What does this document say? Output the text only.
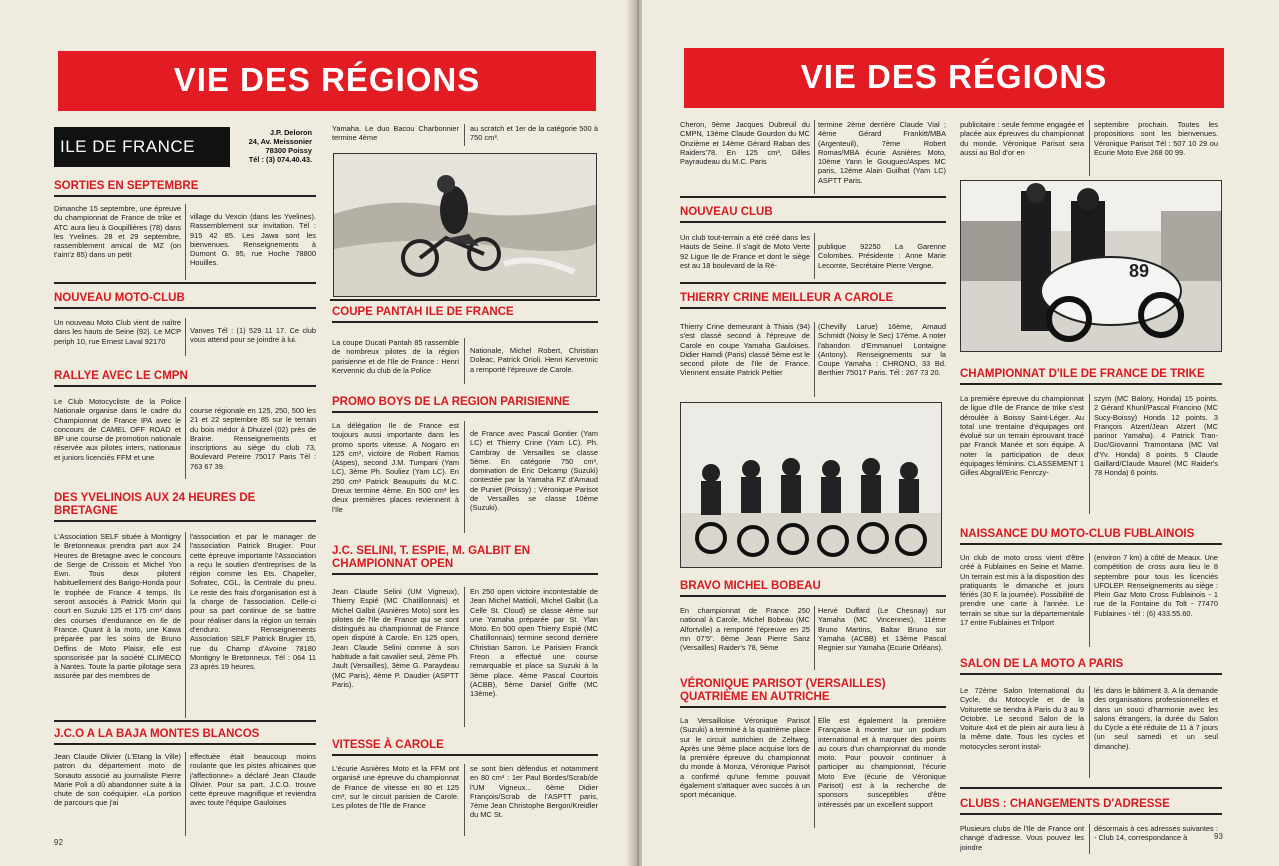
VIE DES RÉGIONS
ILE DE FRANCE
J.P. Deloron
24, Av. Meissonier
78300 Poissy
Tél : (3) 074.40.43.
SORTIES EN SEPTEMBRE
Dimanche 15 septembre, une épreuve du championnat de France de trike et ATC aura lieu à Goupillières (78) dans les Yvelines. 28 et 29 septembre, rassemblement amical de MZ (on t'aim'z 85) dans un petit
village du Vexcin (dans les Yvelines). Rassemblement sur invitation. Tél : 915 42 85. Les Jawa sont les bienvenues. Renseignements à Dumont G. 95, rue Hoche 78800 Houilles.
NOUVEAU MOTO-CLUB
Un nouveau Moto Club vient de naître dans les hauts de Seine (92). Le MCP periph 10, rue Ernest Laval 92170
Vanves Tél : (1) 529 11 17. Ce club vous attend pour se joindre à lui.
RALLYE AVEC LE CMPN
Le Club Motocycliste de la Police Nationale organise dans le cadre du Championnat de France IPA avec le concours de CAMEL OFF ROAD et BP une course de promotion nationale réservée aux pilotes inters, nationaux et juniors licenciés FFM et une
course régionale en 125, 250, 500 les 21 et 22 septembre 85 sur le terrain du bois médor à Dhuizel (02) près de Braine. Renseignements et inscriptions au siège du club 73, Boulevard Pereire 75017 Paris Tél : 763 67 39.
DES YVELINOIS AUX 24 HEURES DE BRETAGNE
L'Association SELF située à Montigny le Bretonneaux prendra part aux 24 Heures de Bretagne avec le concours de Serge de Crissois et Michel Yon Ewn. Tous deux pilotent habituellement des Barigo-Honda pour le trophée de France 4 temps. Ils seront associés à Patrick Morin qui court en Suzuki 125 et 175 cm³ dans des courses d'endurance en Ile de France. Quant à la moto, une Kawa préparée par les soins de Bruno Deffins de Moto Plaisir, elle est sponsorisée par la société CLIMECO à Nantes. Toute la partie pilotage sera assurée par des membres de
l'association et par le manager de l'association Patrick Brugier. Pour cette épreuve importante l'Association a reçu le soutien d'entreprises de la région comme les Ets. Chapelier, Sofratec, CGL, la Centrale du pneu. Le reste des frais d'organisation est à la charge de l'association. Celle-ci pour sa part continue de se battre pour réaliser dans la région un terrain d'enduro. Renseignements Association SELF Patrick Brugier 15, rue du Champ d'Avoine 78180 Montigny le Bretonneux. Tél : 064 11 23 après 19 heures.
J.C.O A LA BAJA MONTES BLANCOS
Jean Claude Olivier (L'Etang la Ville) patron du département moto de Sonauto associé au journaliste Pierre Marie Poli a dû abandonner suite à la chute de son coéquipier. «La portion de parcours que j'ai
effectuée était beaucoup moins roulante que les pistes africaines que j'affectionne» a déclaré Jean Claude Olivier. Pour sa part, J.C.O. trouve cette épreuve magnifique et reviendra avec toute l'équipe Gauloises
Yamaha. Le duo Bacou Charbonnier termine 4ème
au scratch et 1er de la catégorie 500 à 750 cm³.
COUPE PANTAH ILE DE FRANCE
La coupe Ducati Pantah 85 rassemble de nombreux pilotes de la région parisienne et de l'Ile de France : Henri Kervennic du club de la Police
Nationale, Michel Robert, Christian Doleac, Patrick Orioli. Henri Kervennic a remporté l'épreuve de Carole.
PROMO BOYS DE LA REGION PARISIENNE
La délégation Ile de France est toujours aussi importante dans les promo sports vitesse. A Nogaro en 125 cm³, victoire de Robert Ramos (Aspes), second J.M. Tumpani (Yam LC), 3ème Ph. Souliez (Yam LC). En 250 cm³ Patrick Beaupuits du M.C. Dreux termine 4ème. En 500 cm³ les deux premières places reviennent à l'Ile
de France avec Pascal Gontier (Yam LC) et Thierry Crine (Yam LC). Ph. Cambray de Versailles se classe 5ème. En catégorie 750 cm³, domination de Eric Delcamp (Suzuki) contestée par la Yamaha FZ d'Arnaud de Puniet (Poissy) ; Véronique Parisot de Versailles se classe 10ème (Suzuki).
J.C. SELINI, T. ESPIE, M. GALBIT EN CHAMPIONNAT OPEN
Jean Claude Selini (UM Vigneux), Thierry Espié (MC Chatillonnais) et Michel Galbit (Asnières Moto) sont les pilotes de l'Ile de France qui se sont distingués au championnat de France open disputé à Carole. En 125 open, Jean Claude Selini comme à son habitude a fait cavalier seul, 2ème Ph. Jault (Versailles), 3ème G. Paraydeau (MC Paris), 4ème P. Daudier (ASPTT Paris).
En 250 open victoire incontestable de Jean Michel Mattioli, Michel Galbit (La Celle St. Cloud) se classe 4ème sur une Yamaha préparée par St. Ylan Moto. En 500 open Thierry Espié (MC Chatillonnais) termine second derrière Christian Sarron. Le Parisien Franck Freon a effectué une course remarquable et place sa Suzuki à la 3ème place. 4ème Pascal Courtois (ACBB), 5ème Daniel Griffe (MC 13ème).
VITESSE À CAROLE
L'écurie Asnières Moto et la FFM ont organisé une épreuve du championnat de France de vitesse en 80 et 125 cm³, sur le circuit parisien de Carole. Les pilotes de l'Ile de France
se sont bien défendus et notamment en 80 cm³ : 1er Paul Bordes/Scrab/de l'UM Vigneux... 6ème Didier François/Scrab de l'ASPTT paris, 7ème Jean Christophe Bergon/Kreidler du MC St.
92
VIE DES RÉGIONS
Cheron, 9ème Jacques Dubreuil du CMPN, 13ème Claude Gourdon du MC Onzième et 14ème Gérard Raban des Raiders'78. En 125 cm³, Gilles Payraudeau du M.C. Paris
termine 2ème derrière Claude Vial ; 4ème Gérard Frankitt/MBA (Argenteuil), 7ème Robert Romas/MBA écurie Asnières Moto, 10ème Yann le Gouguec/Aspes MC paris, 12ème Alain Guilhat (Yam LC) ASPTT Paris.
NOUVEAU CLUB
Un club tout-terrain a été créé dans les Hauts de Seine. Il s'agit de Moto Verte 92 Ligue Ile de France et dont le siège est au 18 boulevard de la Ré-
publique 92250 La Garenne Colombes. Présidente : Anne Marie Lecomte, Secrétaire Pierre Vergne.
THIERRY CRINE MEILLEUR A CAROLE
Thierry Crine demeurant à Thiais (94) s'est classé second à l'épreuve de Carole en coupe Yamaha Gauloises. Didier Hamdi (Paris) classé 5ème est le second pilote de l'Ile de France. Viennent ensuite Patrick Peltier
(Chevilly Larue) 16ème, Arnaud Schmidt (Noisy le Sec) 17ème. A noter l'abandon d'Emmanuel Lontaigne (Antony). Renseignements sur la Coupe Yamaha : CHRONO, 33 Bd. Berthier 75017 Paris. Tél : 267 73 20.
BRAVO MICHEL BOBEAU
En championnat de France 250 national à Carole, Michel Bobeau (MC Alfortville) a remporté l'épreuve en 25 mn 07'5". 8ème Jean Pierre Sanz (Versailles) Raider's 78, 9ème
Hervé Duffard (Le Chesnay) sur Yamaha (MC Vincennes), 11ème Bruno Martins, Baltar Bruno sur Yamaha (ACBB) et 13ème Pascal Regnier sur Yamaha (Ecurie Orléans).
VÉRONIQUE PARISOT (VERSAILLES) QUATRIÈME EN AUTRICHE
La Versailloise Véronique Parisot (Suzuki) a terminé à la quatrième place sur le circuit autrichien de Zeltweg. Après une 9ème place acquise lors de la première épreuve du championnat du monde à Monza, Véronique Parisot a confirmé qu'une femme pouvait également s'attaquer avec succès à un sport mécanique.
Elle est également la première Française à monter sur un podium international et à marquer des points au cours d'un championnat du monde moto. Pour pouvoir continuer à participer au championnat, l'écurie Moto Eve (écurie de Véronique Parisot) est à la recherche de sponsors susceptibles d'être intéressés par un excellent support
publicitaire : seule femme engagée et placée aux épreuves du championnat du monde. Véronique Parisot sera aussi au Bol d'or en
septembre prochain. Toutes les propositions sont les bienvenues. Véronique Parisot Tél : 507 10 29 ou Ecurie Moto Eve 268 00 99.
89
CHAMPIONNAT D'ILE DE FRANCE DE TRIKE
La première épreuve du championnat de ligue d'Ile de France de trike s'est déroulée à Boissy Saint-Léger. Au total une trentaine d'équipages ont évolué sur un terrain éprouvant tracé par Franck Manée et son équipe. A noter la participation de deux équipages féminins. CLASSEMENT 1 Gilles Abgrall/Eric Fenrczy-
szym (MC Balory, Honda) 15 points. 2 Gérard Khunl/Pascal Francino (MC Sucy-Boissy) Honda 12 points. 3 François Atzert/Jean Atzert (MC parinor Yamaha). 4 Patrick Tran-Duc/Giovanni Tramontana (MC Val d'Yv. Honda) 8 points. 5 Claude Gaillard/Claude Maurel (MC Raider's 78 Honda) 6 points.
NAISSANCE DU MOTO-CLUB FUBLAINOIS
Un club de moto cross vient d'être créé à Fublaines en Seine et Marne. Un terrain est mis à la disposition des pratiquants le dimanche et jours fériés (30 F. la journée). Possibilité de prendre une carte à l'année. Le terrain se situe sur la départementale 17 entre Fublaines et Trilport
(environ 7 km) à côté de Meaux. Une compétition de cross aura lieu le 8 septembre pour tous les licenciés UFOLEP. Renseignements au siège : Plein Gaz Moto Cross Fublainois - 1 rue de la Fontaine du Tolt - 77470 Fublaines - tél : (6) 433.55.60.
SALON DE LA MOTO A PARIS
Le 72ème Salon International du Cycle, du Motocycle et de la Voiturette se tiendra à Paris du 3 au 9 Octobre. Le second Salon de la Voiture 4x4 et de plein air aura lieu à la même date. Tous les cycles et motocycles seront instal-
lés dans le bâtiment 3. A la demande des organisations professionnelles et dans un souci d'harmonie avec les salons étrangers, la durée du Salon du Cycle a été réduite de 11 à 7 jours (un seul samedi et un seul dimanche).
CLUBS : CHANGEMENTS D'ADRESSE
Plusieurs clubs de l'Ile de France ont changé d'adresse. Vous pouvez les joindre
désormais à ces adresses suivantes : - Club 14, correspondance à	93
